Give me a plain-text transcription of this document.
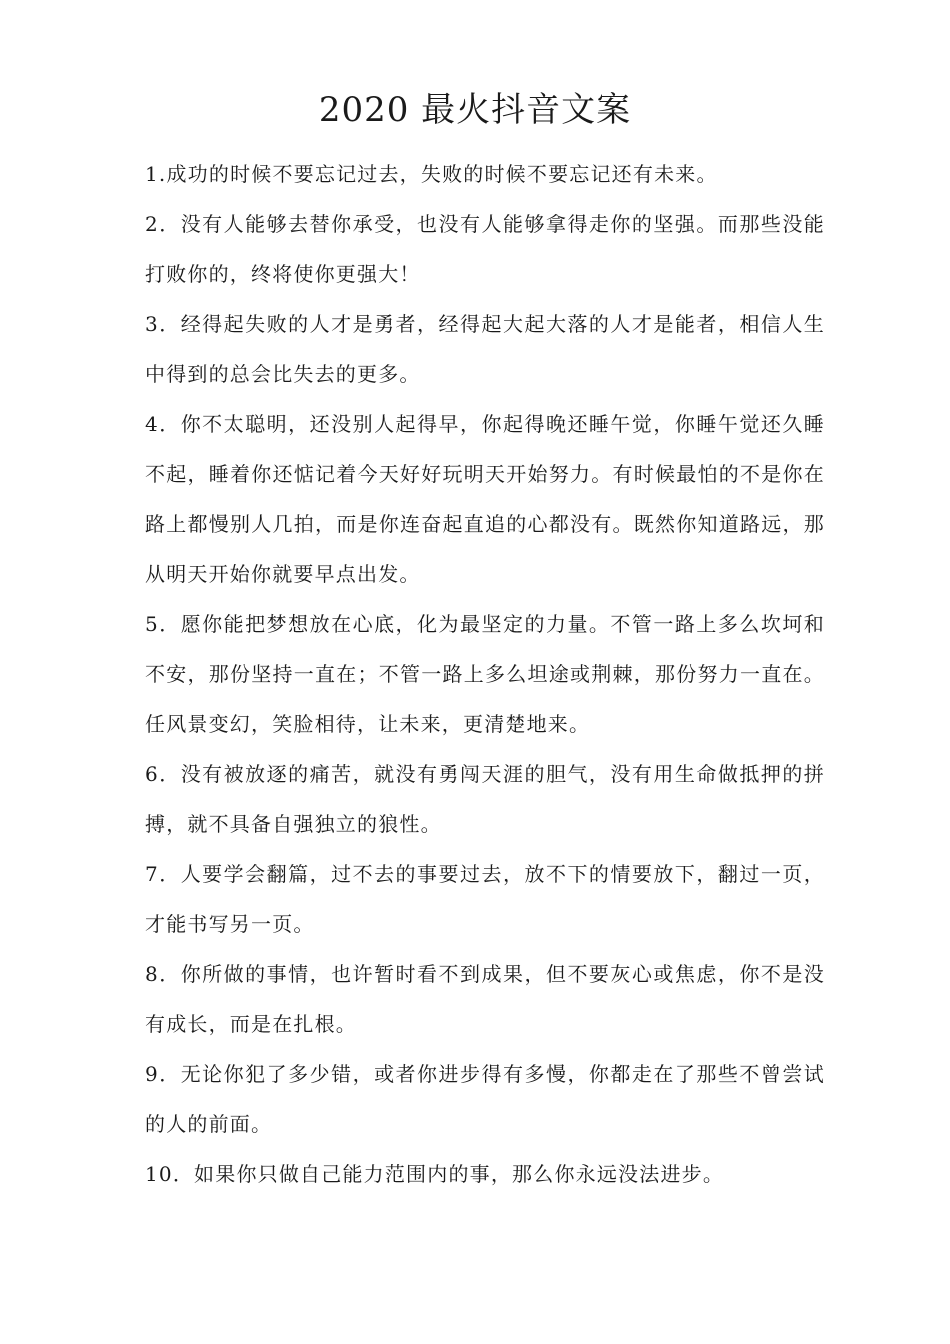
2020 最火抖音文案

1.成功的时候不要忘记过去，失败的时候不要忘记还有未来。

2．没有人能够去替你承受，也没有人能够拿得走你的坚强。而那些没能打败你的，终将使你更强大！

3．经得起失败的人才是勇者，经得起大起大落的人才是能者，相信人生中得到的总会比失去的更多。

4．你不太聪明，还没别人起得早，你起得晚还睡午觉，你睡午觉还久睡不起，睡着你还惦记着今天好好玩明天开始努力。有时候最怕的不是你在路上都慢别人几拍，而是你连奋起直追的心都没有。既然你知道路远，那从明天开始你就要早点出发。

5．愿你能把梦想放在心底，化为最坚定的力量。不管一路上多么坎坷和不安，那份坚持一直在；不管一路上多么坦途或荆棘，那份努力一直在。任风景变幻，笑脸相待，让未来，更清楚地来。

6．没有被放逐的痛苦，就没有勇闯天涯的胆气，没有用生命做抵押的拼搏，就不具备自强独立的狼性。

7．人要学会翻篇，过不去的事要过去，放不下的情要放下，翻过一页，才能书写另一页。

8．你所做的事情，也许暂时看不到成果，但不要灰心或焦虑，你不是没有成长，而是在扎根。

9．无论你犯了多少错，或者你进步得有多慢，你都走在了那些不曾尝试的人的前面。

10．如果你只做自己能力范围内的事，那么你永远没法进步。
